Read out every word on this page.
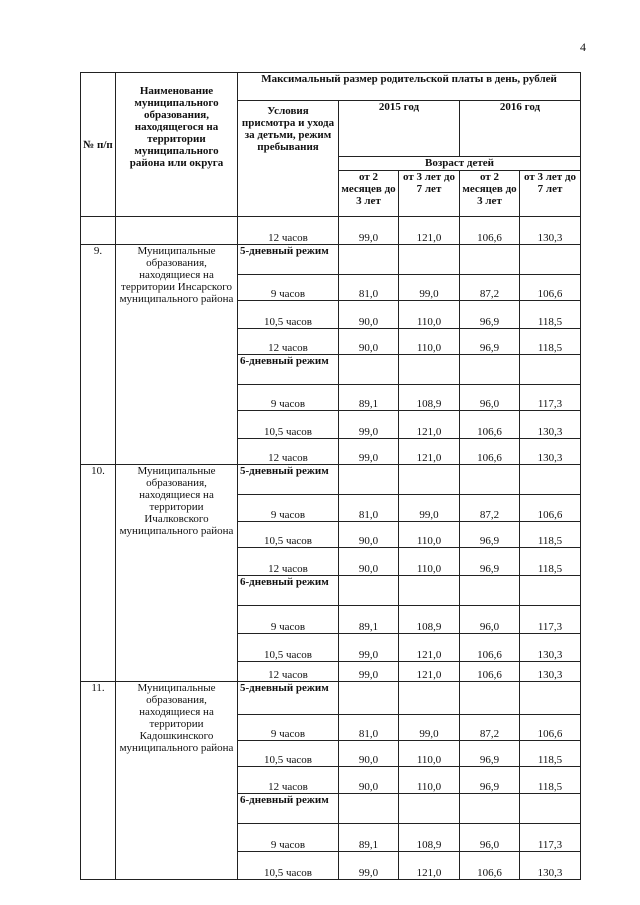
4
№ п/п	Наименование муниципального образования, находящегося на территории муниципального района или округа	Максимальный размер родительской платы в день, рублей				
		Условия присмотра и ухода за детьми, режим пребывания	2015 год		2016 год	
			Возраст детей			
			от 2 месяцев до 3 лет	от 3 лет до 7 лет	от 2 месяцев до 3 лет	от 3 лет до 7 лет
		12 часов	99,0	121,0	106,6	130,3
9.	Муниципальные образования, находящиеся на территории Инсарского муниципального района	5-дневный режим				
		9 часов	81,0	99,0	87,2	106,6
		10,5 часов	90,0	110,0	96,9	118,5
		12 часов	90,0	110,0	96,9	118,5
		6-дневный режим				
		9 часов	89,1	108,9	96,0	117,3
		10,5 часов	99,0	121,0	106,6	130,3
		12 часов	99,0	121,0	106,6	130,3
10.	Муниципальные образования, находящиеся на территории Ичалковского муниципального района	5-дневный режим				
		9 часов	81,0	99,0	87,2	106,6
		10,5 часов	90,0	110,0	96,9	118,5
		12 часов	90,0	110,0	96,9	118,5
		6-дневный режим				
		9 часов	89,1	108,9	96,0	117,3
		10,5 часов	99,0	121,0	106,6	130,3
		12 часов	99,0	121,0	106,6	130,3
11.	Муниципальные образования, находящиеся на территории Кадошкинского муниципального района	5-дневный режим				
		9 часов	81,0	99,0	87,2	106,6
		10,5 часов	90,0	110,0	96,9	118,5
		12 часов	90,0	110,0	96,9	118,5
		6-дневный режим				
		9 часов	89,1	108,9	96,0	117,3
		10,5 часов	99,0	121,0	106,6	130,3
